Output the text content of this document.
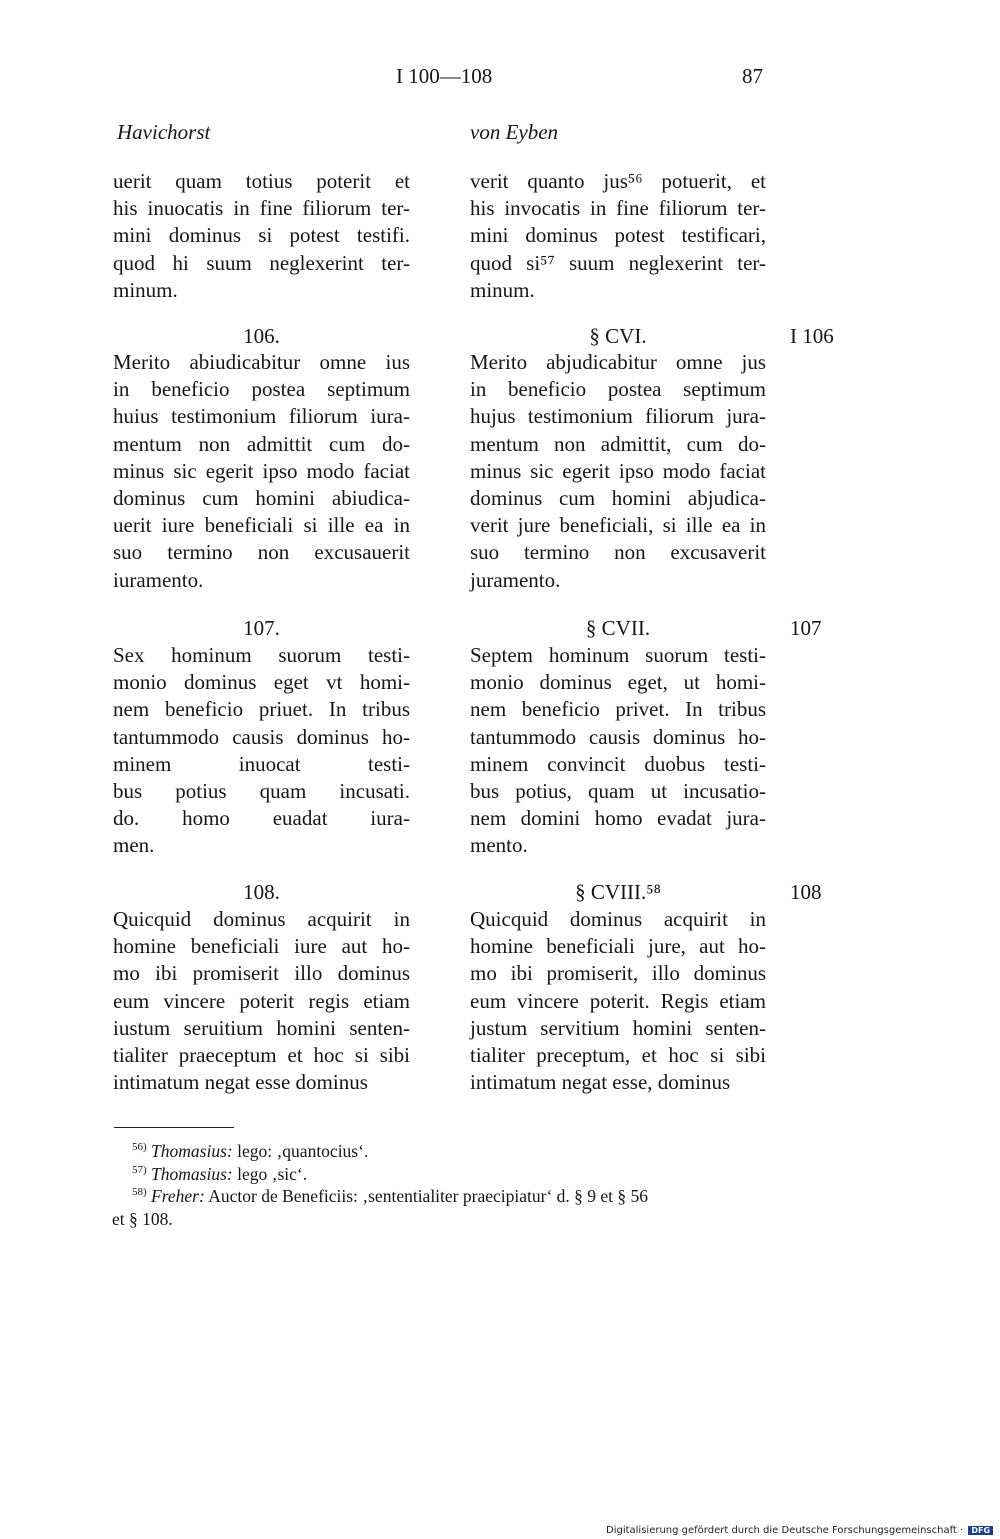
I 100—108	87
Havichorst	von Eyben
uerit quam totius poterit et
his inuocatis in fine filiorum ter-
mini dominus si potest testifi.
quod hi suum neglexerint ter-
minum.
106.
Merito abiudicabitur omne ius
in beneficio postea septimum
huius testimonium filiorum iura-
mentum non admittit cum do-
minus sic egerit ipso modo faciat
dominus cum homini abiudica-
uerit iure beneficiali si ille ea in
suo termino non excusauerit
iuramento.
107.
Sex hominum suorum testi-
monio dominus eget vt homi-
nem beneficio priuet. In tribus
tantummodo causis dominus ho-
minem inuocat testi-
bus potius quam incusati.
do. homo euadat iura-
men.
108.
Quicquid dominus acquirit in
homine beneficiali iure aut ho-
mo ibi promiserit illo dominus
eum vincere poterit regis etiam
iustum seruitium homini senten-
tialiter praeceptum et hoc si sibi
intimatum negat esse dominus
verit quanto jus⁵⁶ potuerit, et
his invocatis in fine filiorum ter-
mini dominus potest testificari,
quod si⁵⁷ suum neglexerint ter-
minum.
§ CVI.
Merito abjudicabitur omne jus
in beneficio postea septimum
hujus testimonium filiorum jura-
mentum non admittit, cum do-
minus sic egerit ipso modo faciat
dominus cum homini abjudica-
verit jure beneficiali, si ille ea in
suo termino non excusaverit
juramento.
§ CVII.
Septem hominum suorum testi-
monio dominus eget, ut homi-
nem beneficio privet. In tribus
tantummodo causis dominus ho-
minem convincit duobus testi-
bus potius, quam ut incusatio-
nem domini homo evadat jura-
mento.
§ CVIII.⁵⁸
Quicquid dominus acquirit in
homine beneficiali jure, aut ho-
mo ibi promiserit, illo dominus
eum vincere poterit. Regis etiam
justum servitium homini senten-
tialiter preceptum, et hoc si sibi
intimatum negat esse, dominus
I 106
107
108
$^{56)}$ Thomasius: lego: ‚quantocius‘.
$^{57)}$ Thomasius: lego ‚sic‘.
$^{58)}$ Freher: Auctor de Beneficiis: ‚sententialiter praecipiatur‘ d. § 9 et § 56
et § 108.
Digitalisierung gefördert durch die Deutsche Forschungsgemeinschaft · DFG
